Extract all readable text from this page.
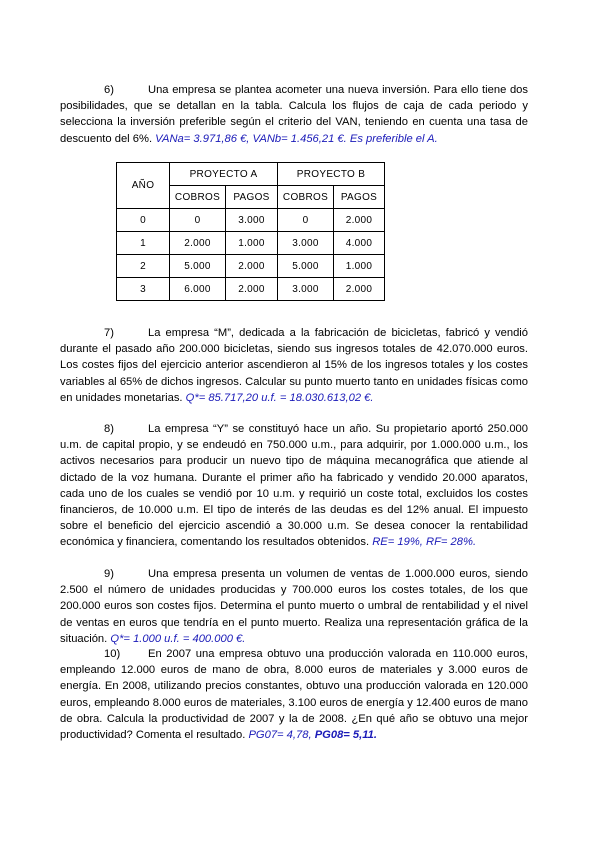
6)	Una empresa se plantea acometer una nueva inversión. Para ello tiene dos posibilidades, que se detallan en la tabla. Calcula los flujos de caja de cada periodo y selecciona la inversión preferible según el criterio del VAN, teniendo en cuenta una tasa de descuento del 6%. VANa= 3.971,86 €, VANb= 1.456,21 €. Es preferible el A.

AÑO	PROYECTO A		PROYECTO B	
	COBROS	PAGOS	COBROS	PAGOS
0	0	3.000	0	2.000
1	2.000	1.000	3.000	4.000
2	5.000	2.000	5.000	1.000
3	6.000	2.000	3.000	2.000

7)	La empresa “M”, dedicada a la fabricación de bicicletas, fabricó y vendió durante el pasado año 200.000 bicicletas, siendo sus ingresos totales de 42.070.000 euros. Los costes fijos del ejercicio anterior ascendieron al 15% de los ingresos totales y los costes variables al 65% de dichos ingresos. Calcular su punto muerto tanto en unidades físicas como en unidades monetarias. Q*= 85.717,20 u.f. = 18.030.613,02 €.

8)	La empresa “Y” se constituyó hace un año. Su propietario aportó 250.000 u.m. de capital propio, y se endeudó en 750.000 u.m., para adquirir, por 1.000.000 u.m., los activos necesarios para producir un nuevo tipo de máquina mecanográfica que atiende al dictado de la voz humana. Durante el primer año ha fabricado y vendido 20.000 aparatos, cada uno de los cuales se vendió por 10 u.m. y requirió un coste total, excluidos los costes financieros, de 10.000 u.m. El tipo de interés de las deudas es del 12% anual. El impuesto sobre el beneficio del ejercicio ascendió a 30.000 u.m. Se desea conocer la rentabilidad económica y financiera, comentando los resultados obtenidos. RE= 19%, RF= 28%.

9)	Una empresa presenta un volumen de ventas de 1.000.000 euros, siendo 2.500 el número de unidades producidas y 700.000 euros los costes totales, de los que 200.000 euros son costes fijos. Determina el punto muerto o umbral de rentabilidad y el nivel de ventas en euros que tendría en el punto muerto. Realiza una representación gráfica de la situación. Q*= 1.000 u.f. = 400.000 €.

10) En 2007 una empresa obtuvo una producción valorada en 110.000 euros, empleando 12.000 euros de mano de obra, 8.000 euros de materiales y 3.000 euros de energía. En 2008, utilizando precios constantes, obtuvo una producción valorada en 120.000 euros, empleando 8.000 euros de materiales, 3.100 euros de energía y 12.400 euros de mano de obra. Calcula la productividad de 2007 y la de 2008. ¿En qué año se obtuvo una mejor productividad? Comenta el resultado. PG07= 4,78, PG08= 5,11.
